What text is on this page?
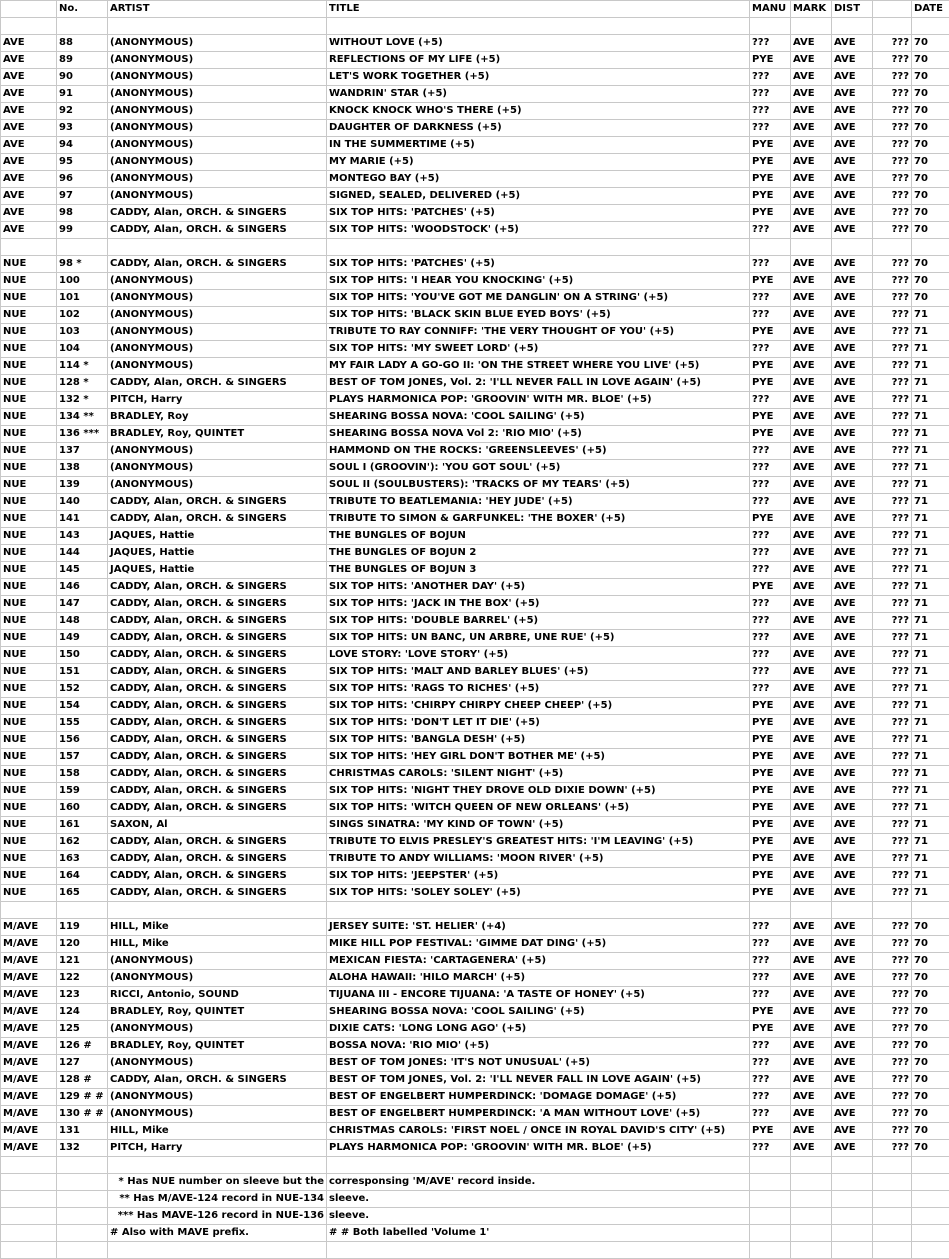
	No.	ARTIST	TITLE	MANU	MARK	DIST		DATE

AVE	88	(ANONYMOUS)	WITHOUT LOVE (+5)	???	AVE	AVE	???	70
AVE	89	(ANONYMOUS)	REFLECTIONS OF MY LIFE (+5)	PYE	AVE	AVE	???	70
AVE	90	(ANONYMOUS)	LET'S WORK TOGETHER (+5)	???	AVE	AVE	???	70
AVE	91	(ANONYMOUS)	WANDRIN' STAR (+5)	???	AVE	AVE	???	70
AVE	92	(ANONYMOUS)	KNOCK KNOCK WHO'S THERE (+5)	???	AVE	AVE	???	70
AVE	93	(ANONYMOUS)	DAUGHTER OF DARKNESS (+5)	???	AVE	AVE	???	70
AVE	94	(ANONYMOUS)	IN THE SUMMERTIME (+5)	PYE	AVE	AVE	???	70
AVE	95	(ANONYMOUS)	MY MARIE (+5)	PYE	AVE	AVE	???	70
AVE	96	(ANONYMOUS)	MONTEGO BAY (+5)	PYE	AVE	AVE	???	70
AVE	97	(ANONYMOUS)	SIGNED, SEALED, DELIVERED (+5)	PYE	AVE	AVE	???	70
AVE	98	CADDY, Alan, ORCH. & SINGERS	SIX TOP HITS: 'PATCHES' (+5)	PYE	AVE	AVE	???	70
AVE	99	CADDY, Alan, ORCH. & SINGERS	SIX TOP HITS: 'WOODSTOCK' (+5)	???	AVE	AVE	???	70

NUE	98 *	CADDY, Alan, ORCH. & SINGERS	SIX TOP HITS: 'PATCHES' (+5)	???	AVE	AVE	???	70
NUE	100	(ANONYMOUS)	SIX TOP HITS: 'I HEAR YOU KNOCKING' (+5)	PYE	AVE	AVE	???	70
NUE	101	(ANONYMOUS)	SIX TOP HITS: 'YOU'VE GOT ME DANGLIN' ON A STRING' (+5)	???	AVE	AVE	???	70
NUE	102	(ANONYMOUS)	SIX TOP HITS: 'BLACK SKIN BLUE EYED BOYS' (+5)	???	AVE	AVE	???	71
NUE	103	(ANONYMOUS)	TRIBUTE TO RAY CONNIFF: 'THE VERY THOUGHT OF YOU' (+5)	PYE	AVE	AVE	???	71
NUE	104	(ANONYMOUS)	SIX TOP HITS: 'MY SWEET LORD' (+5)	???	AVE	AVE	???	71
NUE	114 *	(ANONYMOUS)	MY FAIR LADY A GO-GO II: 'ON THE STREET WHERE YOU LIVE' (+5)	PYE	AVE	AVE	???	71
NUE	128 *	CADDY, Alan, ORCH. & SINGERS	BEST OF TOM JONES, Vol. 2: 'I'LL NEVER FALL IN LOVE AGAIN' (+5)	PYE	AVE	AVE	???	71
NUE	132 *	PITCH, Harry	PLAYS HARMONICA POP: 'GROOVIN' WITH MR. BLOE' (+5)	???	AVE	AVE	???	71
NUE	134 **	BRADLEY, Roy	SHEARING BOSSA NOVA: 'COOL SAILING' (+5)	PYE	AVE	AVE	???	71
NUE	136 ***	BRADLEY, Roy, QUINTET	SHEARING BOSSA NOVA Vol 2: 'RIO MIO' (+5)	PYE	AVE	AVE	???	71
NUE	137	(ANONYMOUS)	HAMMOND ON THE ROCKS: 'GREENSLEEVES' (+5)	???	AVE	AVE	???	71
NUE	138	(ANONYMOUS)	SOUL I (GROOVIN'): 'YOU GOT SOUL' (+5)	???	AVE	AVE	???	71
NUE	139	(ANONYMOUS)	SOUL II (SOULBUSTERS): 'TRACKS OF MY TEARS' (+5)	???	AVE	AVE	???	71
NUE	140	CADDY, Alan, ORCH. & SINGERS	TRIBUTE TO BEATLEMANIA: 'HEY JUDE' (+5)	???	AVE	AVE	???	71
NUE	141	CADDY, Alan, ORCH. & SINGERS	TRIBUTE TO SIMON & GARFUNKEL: 'THE BOXER' (+5)	PYE	AVE	AVE	???	71
NUE	143	JAQUES, Hattie	THE BUNGLES OF BOJUN	???	AVE	AVE	???	71
NUE	144	JAQUES, Hattie	THE BUNGLES OF BOJUN 2	???	AVE	AVE	???	71
NUE	145	JAQUES, Hattie	THE BUNGLES OF BOJUN 3	???	AVE	AVE	???	71
NUE	146	CADDY, Alan, ORCH. & SINGERS	SIX TOP HITS: 'ANOTHER DAY' (+5)	PYE	AVE	AVE	???	71
NUE	147	CADDY, Alan, ORCH. & SINGERS	SIX TOP HITS: 'JACK IN THE BOX' (+5)	???	AVE	AVE	???	71
NUE	148	CADDY, Alan, ORCH. & SINGERS	SIX TOP HITS: 'DOUBLE BARREL' (+5)	???	AVE	AVE	???	71
NUE	149	CADDY, Alan, ORCH. & SINGERS	SIX TOP HITS: UN BANC, UN ARBRE, UNE RUE' (+5)	???	AVE	AVE	???	71
NUE	150	CADDY, Alan, ORCH. & SINGERS	LOVE STORY: 'LOVE STORY' (+5)	???	AVE	AVE	???	71
NUE	151	CADDY, Alan, ORCH. & SINGERS	SIX TOP HITS: 'MALT AND BARLEY BLUES' (+5)	???	AVE	AVE	???	71
NUE	152	CADDY, Alan, ORCH. & SINGERS	SIX TOP HITS: 'RAGS TO RICHES' (+5)	???	AVE	AVE	???	71
NUE	154	CADDY, Alan, ORCH. & SINGERS	SIX TOP HITS: 'CHIRPY CHIRPY CHEEP CHEEP' (+5)	PYE	AVE	AVE	???	71
NUE	155	CADDY, Alan, ORCH. & SINGERS	SIX TOP HITS: 'DON'T LET IT DIE' (+5)	PYE	AVE	AVE	???	71
NUE	156	CADDY, Alan, ORCH. & SINGERS	SIX TOP HITS: 'BANGLA DESH' (+5)	PYE	AVE	AVE	???	71
NUE	157	CADDY, Alan, ORCH. & SINGERS	SIX TOP HITS: 'HEY GIRL DON'T BOTHER ME' (+5)	PYE	AVE	AVE	???	71
NUE	158	CADDY, Alan, ORCH. & SINGERS	CHRISTMAS CAROLS: 'SILENT NIGHT' (+5)	PYE	AVE	AVE	???	71
NUE	159	CADDY, Alan, ORCH. & SINGERS	SIX TOP HITS: 'NIGHT THEY DROVE OLD DIXIE DOWN' (+5)	PYE	AVE	AVE	???	71
NUE	160	CADDY, Alan, ORCH. & SINGERS	SIX TOP HITS: 'WITCH QUEEN OF NEW ORLEANS' (+5)	PYE	AVE	AVE	???	71
NUE	161	SAXON, Al	SINGS SINATRA: 'MY KIND OF TOWN' (+5)	PYE	AVE	AVE	???	71
NUE	162	CADDY, Alan, ORCH. & SINGERS	TRIBUTE TO ELVIS PRESLEY'S GREATEST HITS: 'I'M LEAVING' (+5)	PYE	AVE	AVE	???	71
NUE	163	CADDY, Alan, ORCH. & SINGERS	TRIBUTE TO ANDY WILLIAMS: 'MOON RIVER' (+5)	PYE	AVE	AVE	???	71
NUE	164	CADDY, Alan, ORCH. & SINGERS	SIX TOP HITS: 'JEEPSTER' (+5)	PYE	AVE	AVE	???	71
NUE	165	CADDY, Alan, ORCH. & SINGERS	SIX TOP HITS: 'SOLEY SOLEY' (+5)	PYE	AVE	AVE	???	71

M/AVE	119	HILL, Mike	JERSEY SUITE: 'ST. HELIER' (+4)	???	AVE	AVE	???	70
M/AVE	120	HILL, Mike	MIKE HILL POP FESTIVAL: 'GIMME DAT DING' (+5)	???	AVE	AVE	???	70
M/AVE	121	(ANONYMOUS)	MEXICAN FIESTA: 'CARTAGENERA' (+5)	???	AVE	AVE	???	70
M/AVE	122	(ANONYMOUS)	ALOHA HAWAII: 'HILO MARCH' (+5)	???	AVE	AVE	???	70
M/AVE	123	RICCI, Antonio, SOUND	TIJUANA III - ENCORE TIJUANA: 'A TASTE OF HONEY' (+5)	???	AVE	AVE	???	70
M/AVE	124	BRADLEY, Roy, QUINTET	SHEARING BOSSA NOVA: 'COOL SAILING' (+5)	PYE	AVE	AVE	???	70
M/AVE	125	(ANONYMOUS)	DIXIE CATS: 'LONG LONG AGO' (+5)	PYE	AVE	AVE	???	70
M/AVE	126 #	BRADLEY, Roy, QUINTET	BOSSA NOVA: 'RIO MIO' (+5)	???	AVE	AVE	???	70
M/AVE	127	(ANONYMOUS)	BEST OF TOM JONES: 'IT'S NOT UNUSUAL' (+5)	???	AVE	AVE	???	70
M/AVE	128 #	CADDY, Alan, ORCH. & SINGERS	BEST OF TOM JONES, Vol. 2: 'I'LL NEVER FALL IN LOVE AGAIN' (+5)	???	AVE	AVE	???	70
M/AVE	129 # #	(ANONYMOUS)	BEST OF ENGELBERT HUMPERDINCK: 'DOMAGE DOMAGE' (+5)	???	AVE	AVE	???	70
M/AVE	130 # #	(ANONYMOUS)	BEST OF ENGELBERT HUMPERDINCK: 'A MAN WITHOUT LOVE' (+5)	???	AVE	AVE	???	70
M/AVE	131	HILL, Mike	CHRISTMAS CAROLS: 'FIRST NOEL / ONCE IN ROYAL DAVID'S CITY' (+5)	PYE	AVE	AVE	???	70
M/AVE	132	PITCH, Harry	PLAYS HARMONICA POP: 'GROOVIN' WITH MR. BLOE' (+5)	???	AVE	AVE	???	70

		* Has NUE number on sleeve but the	corresponsing 'M/AVE' record inside.					
		** Has M/AVE-124 record in NUE-134	sleeve.					
		*** Has MAVE-126 record in NUE-136	sleeve.					
		# Also with MAVE prefix.	# # Both labelled 'Volume 1'					
